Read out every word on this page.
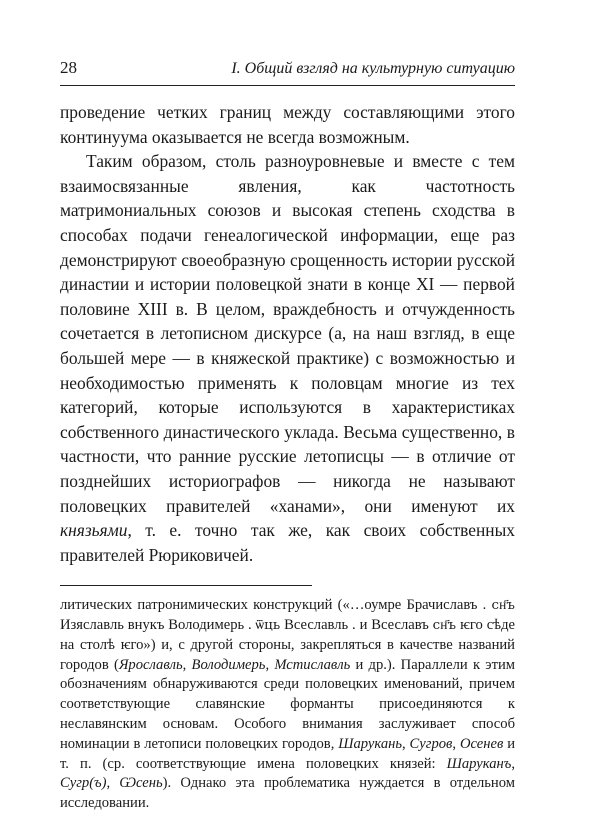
28	I. Общий взгляд на культурную ситуацию

проведение четких границ между составляющими этого континуума оказывается не всегда возможным.

Таким образом, столь разноуровневые и вместе с тем взаимосвязанные явления, как частотность матримониальных союзов и высокая степень сходства в способах подачи генеалогической информации, еще раз демонстрируют своеобразную срощенность истории русской династии и истории половецкой знати в конце XI — первой половине XIII в. В целом, враждебность и отчужденность сочетается в летописном дискурсе (а, на наш взгляд, в еще большей мере — в княжеской практике) с возможностью и необходимостью применять к половцам многие из тех категорий, которые используются в характеристиках собственного династического уклада. Весьма существенно, в частности, что ранние русские летописцы — в отличие от позднейших историографов — никогда не называют половецких правителей «ханами», они именуют их князьями, т. е. точно так же, как своих собственных правителей Рюриковичей.

литических патронимических конструкций («…оумре Брачиславъ . сн҃ъ Изяславль внукъ Володимерь . ѿць Всеславль . и Всеславъ сн҃ъ ѥго сѣде на столѣ ѥго») и, с другой стороны, закрепляться в качестве названий городов (Ярославль, Володимерь, Мстиславль и др.). Параллели к этим обозначениям обнаруживаются среди половецких именований, причем соответствующие славянские форманты присоединяются к неславянским основам. Особого внимания заслуживает способ номинации в летописи половецких городов, Шарукань, Сугров, Осенев и т. п. (ср. соответствующие имена половецких князей: Шаруканъ, Сугр(ъ), Ѡсень). Однако эта проблематика нуждается в отдельном исследовании.
